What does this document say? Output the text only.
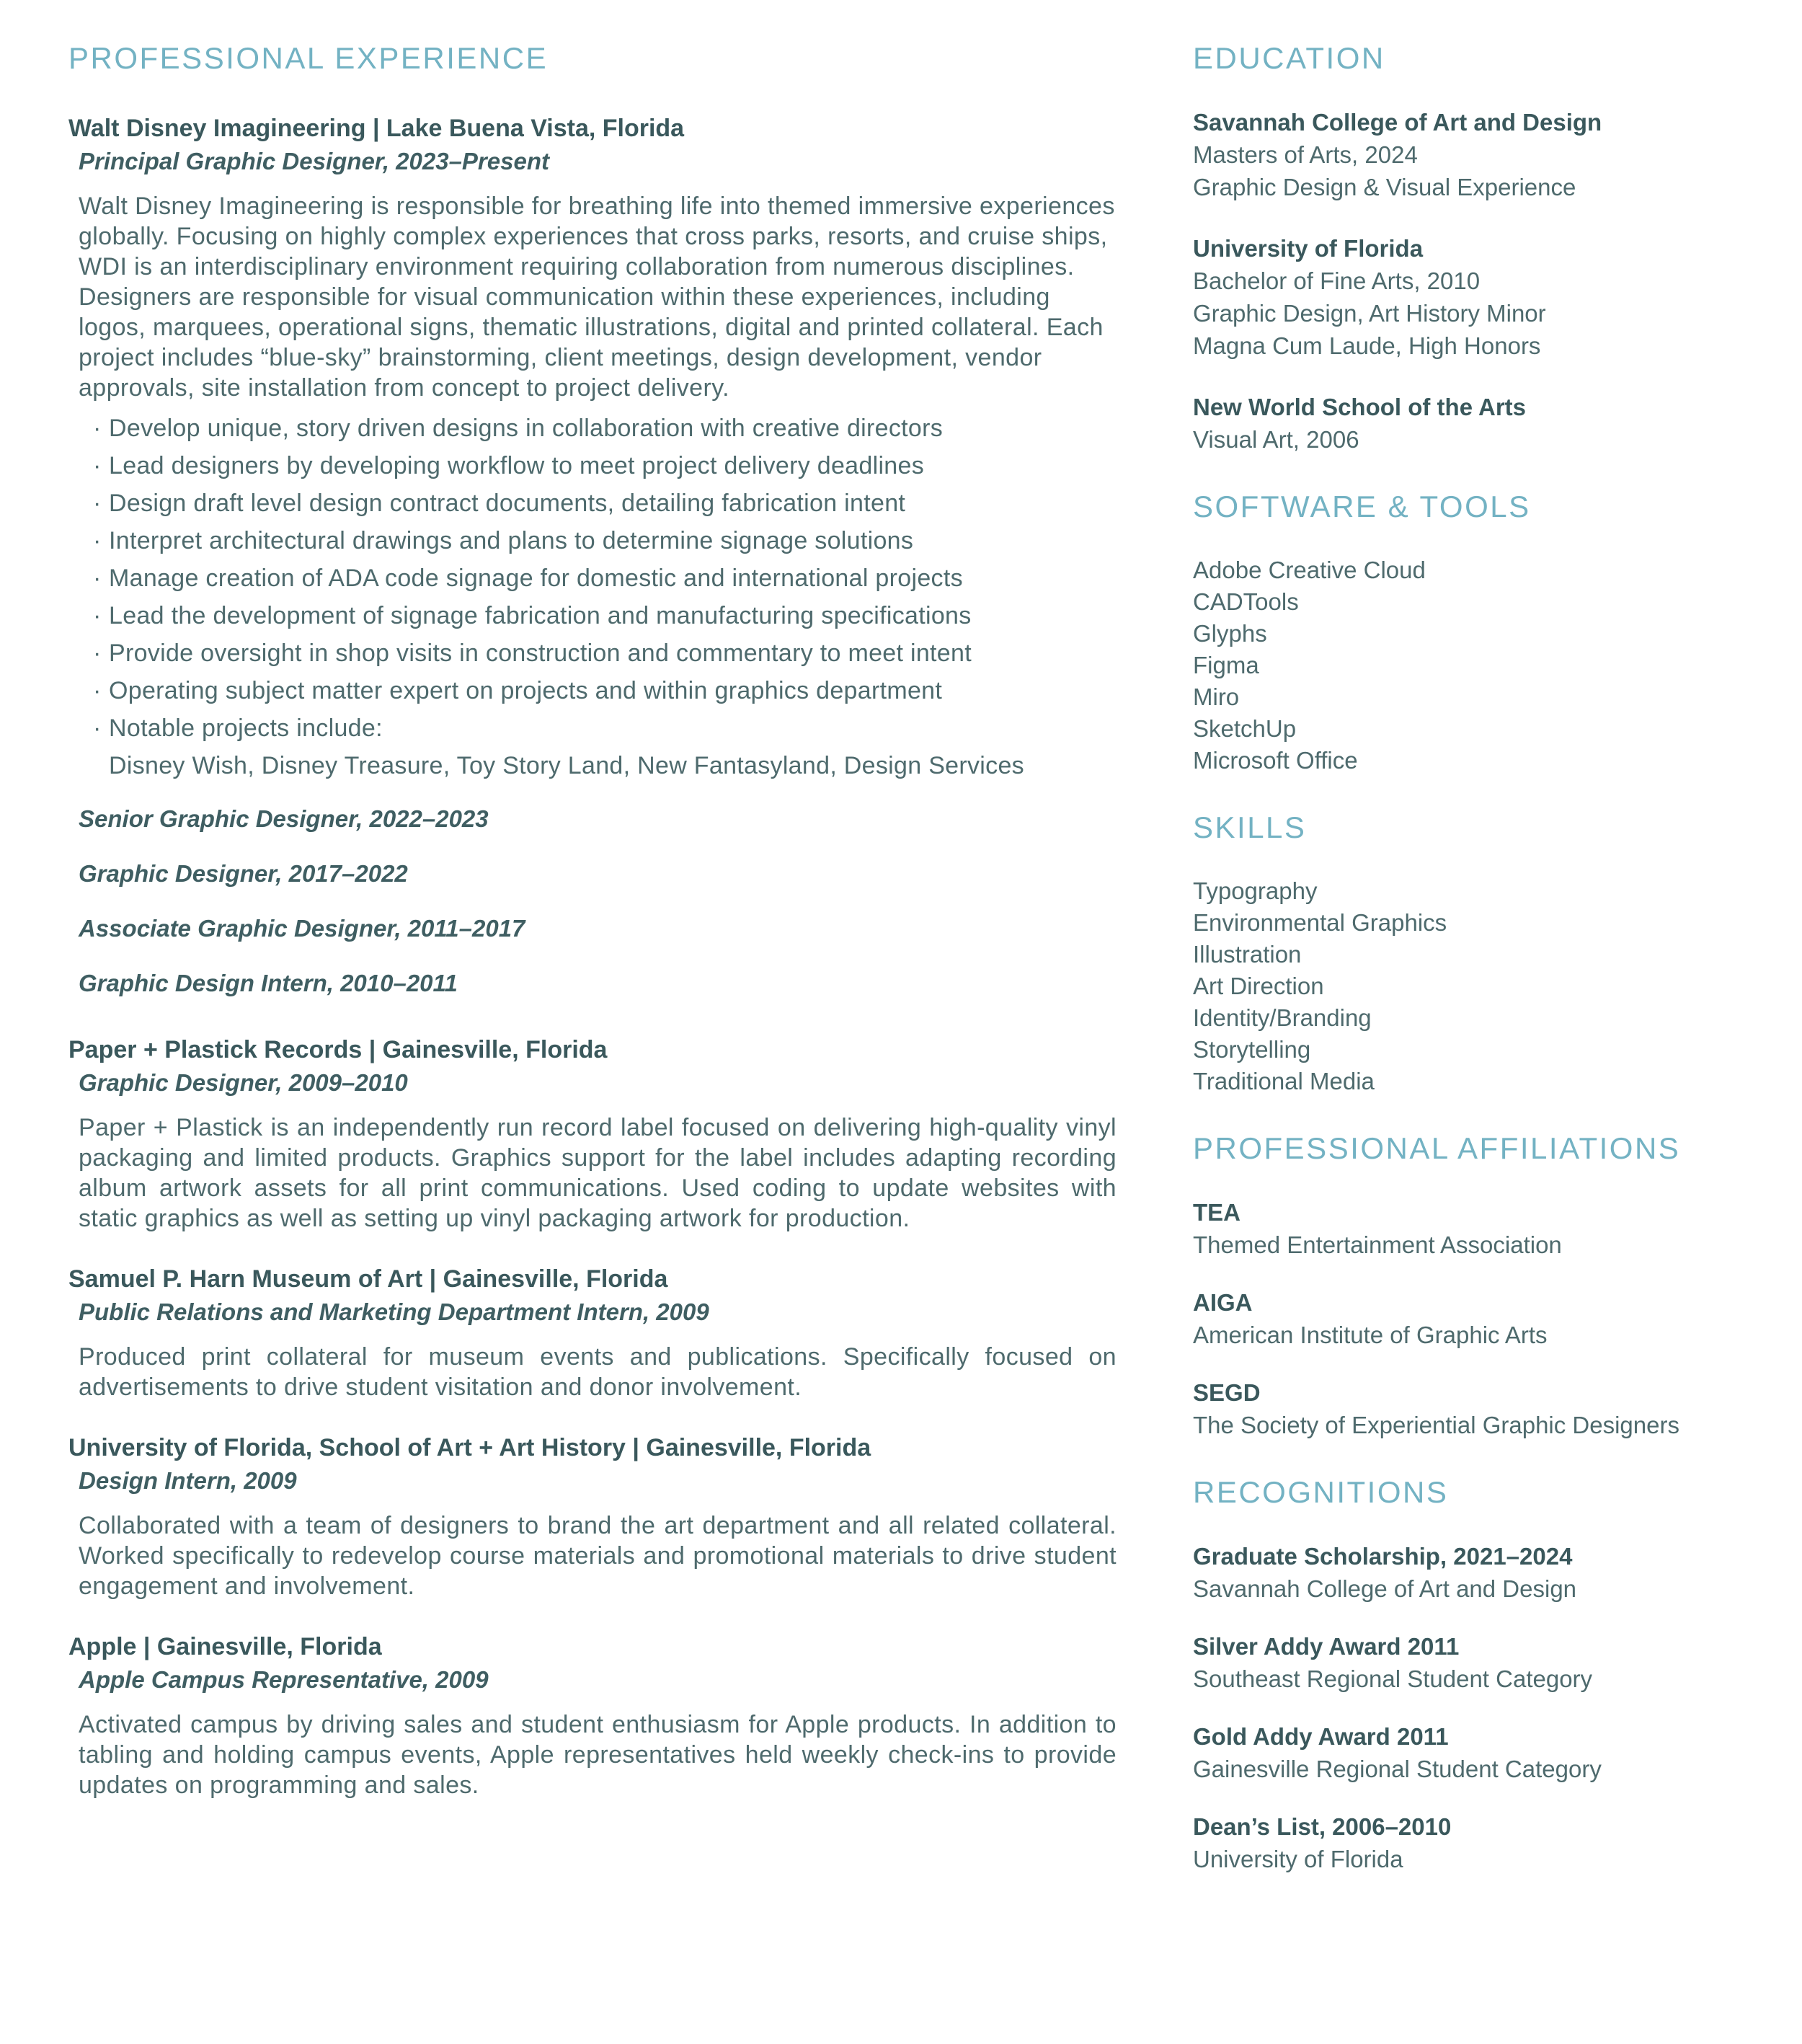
PROFESSIONAL EXPERIENCE
Walt Disney Imagineering | Lake Buena Vista, Florida
Principal Graphic Designer, 2023–Present

Walt Disney Imagineering is responsible for breathing life into themed immersive experiences globally. Focusing on highly complex experiences that cross parks, resorts, and cruise ships, WDI is an interdisciplinary environment requiring collaboration from numerous disciplines. Designers are responsible for visual communication within these experiences, including logos, marquees, operational signs, thematic illustrations, digital and printed collateral. Each project includes “blue-sky” brainstorming, client meetings, design development, vendor approvals, site installation from concept to project delivery.

· Develop unique, story driven designs in collaboration with creative directors
· Lead designers by developing workflow to meet project delivery deadlines
· Design draft level design contract documents, detailing fabrication intent
· Interpret architectural drawings and plans to determine signage solutions
· Manage creation of ADA code signage for domestic and international projects
· Lead the development of signage fabrication and manufacturing specifications
· Provide oversight in shop visits in construction and commentary to meet intent
· Operating subject matter expert on projects and within graphics department
· Notable projects include:
Disney Wish, Disney Treasure, Toy Story Land, New Fantasyland, Design Services
Senior Graphic Designer, 2022–2023
Graphic Designer, 2017–2022
Associate Graphic Designer, 2011–2017
Graphic Design Intern, 2010–2011
Paper + Plastick Records | Gainesville, Florida
Graphic Designer, 2009–2010

Paper + Plastick is an independently run record label focused on delivering high-quality vinyl packaging and limited products. Graphics support for the label includes adapting recording album artwork assets for all print communications. Used coding to update websites with static graphics as well as setting up vinyl packaging artwork for production.

Samuel P. Harn Museum of Art | Gainesville, Florida
Public Relations and Marketing Department Intern, 2009

Produced print collateral for museum events and publications. Specifically focused on advertisements to drive student visitation and donor involvement.

University of Florida, School of Art + Art History | Gainesville, Florida
Design Intern, 2009

Collaborated with a team of designers to brand the art department and all related collateral. Worked specifically to redevelop course materials and promotional materials to drive student engagement and involvement.

Apple | Gainesville, Florida
Apple Campus Representative, 2009

Activated campus by driving sales and student enthusiasm for Apple products. In addition to tabling and holding campus events, Apple representatives held weekly check-ins to provide updates on programming and sales.

EDUCATION
Savannah College of Art and Design
Masters of Arts, 2024
Graphic Design & Visual Experience
University of Florida
Bachelor of Fine Arts, 2010
Graphic Design, Art History Minor
Magna Cum Laude, High Honors
New World School of the Arts
Visual Art, 2006
SOFTWARE & TOOLS
Adobe Creative Cloud
CADTools
Glyphs
Figma
Miro
SketchUp
Microsoft Office
SKILLS
Typography
Environmental Graphics
Illustration
Art Direction
Identity/Branding
Storytelling
Traditional Media
PROFESSIONAL AFFILIATIONS
TEA
Themed Entertainment Association
AIGA
American Institute of Graphic Arts
SEGD
The Society of Experiential Graphic Designers
RECOGNITIONS
Graduate Scholarship, 2021–2024
Savannah College of Art and Design
Silver Addy Award 2011
Southeast Regional Student Category
Gold Addy Award 2011
Gainesville Regional Student Category
Dean’s List, 2006–2010
University of Florida
